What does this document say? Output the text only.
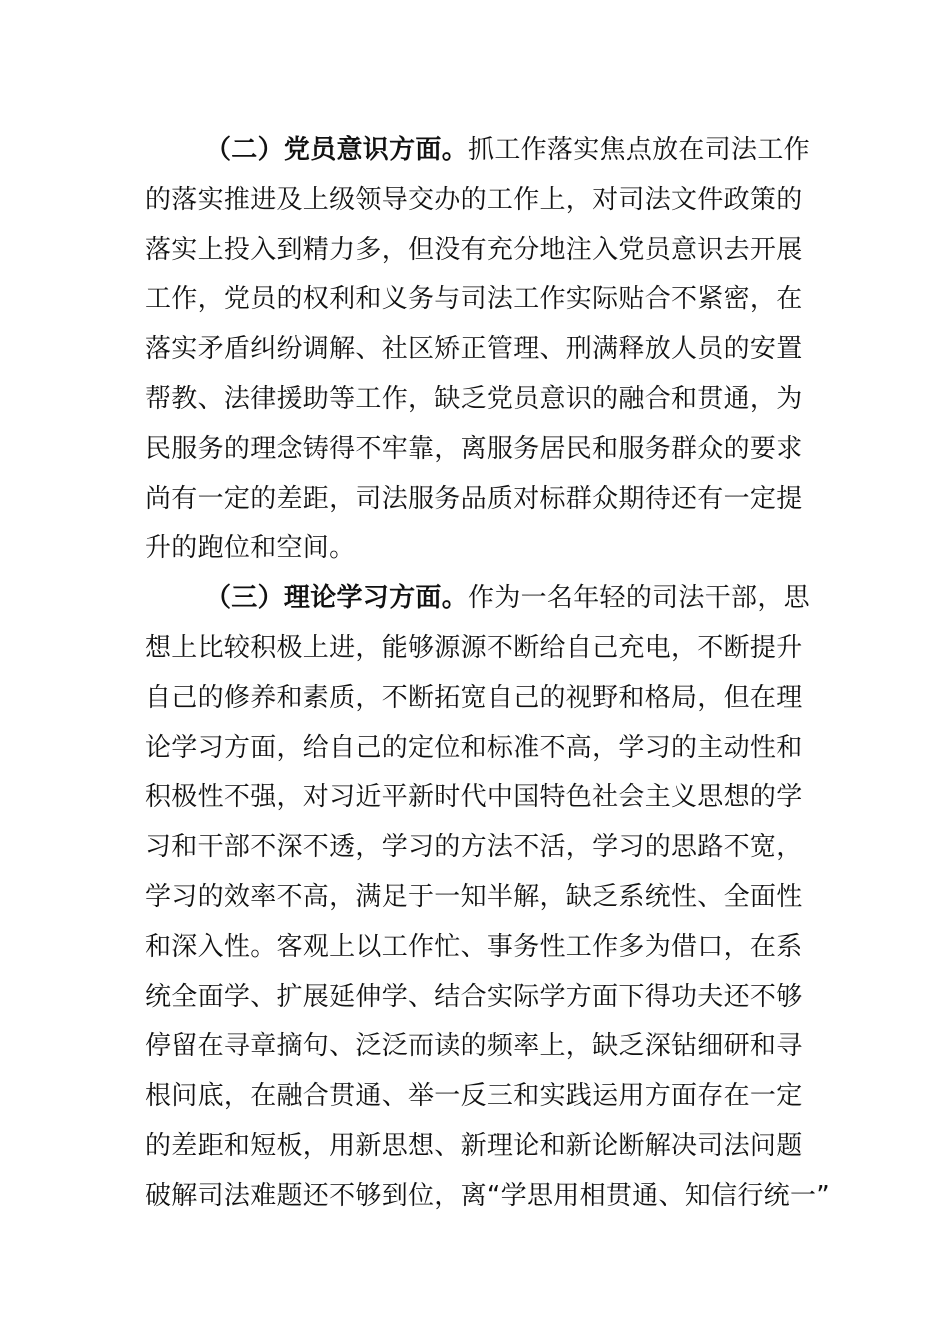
（二）党员意识方面。抓工作落实焦点放在司法工作
的落实推进及上级领导交办的工作上，对司法文件政策的
落实上投入到精力多，但没有充分地注入党员意识去开展
工作，党员的权利和义务与司法工作实际贴合不紧密，在
落实矛盾纠纷调解、社区矫正管理、刑满释放人员的安置
帮教、法律援助等工作，缺乏党员意识的融合和贯通，为
民服务的理念铸得不牢靠，离服务居民和服务群众的要求
尚有一定的差距，司法服务品质对标群众期待还有一定提
升的跑位和空间。
（三）理论学习方面。作为一名年轻的司法干部，思
想上比较积极上进，能够源源不断给自己充电，不断提升
自己的修养和素质，不断拓宽自己的视野和格局，但在理
论学习方面，给自己的定位和标准不高，学习的主动性和
积极性不强，对习近平新时代中国特色社会主义思想的学
习和干部不深不透，学习的方法不活，学习的思路不宽，
学习的效率不高，满足于一知半解，缺乏系统性、全面性
和深入性。客观上以工作忙、事务性工作多为借口，在系
统全面学、扩展延伸学、结合实际学方面下得功夫还不够
停留在寻章摘句、泛泛而读的频率上，缺乏深钻细研和寻
根问底，在融合贯通、举一反三和实践运用方面存在一定
的差距和短板，用新思想、新理论和新论断解决司法问题
破解司法难题还不够到位，离“学思用相贯通、知信行统一”
